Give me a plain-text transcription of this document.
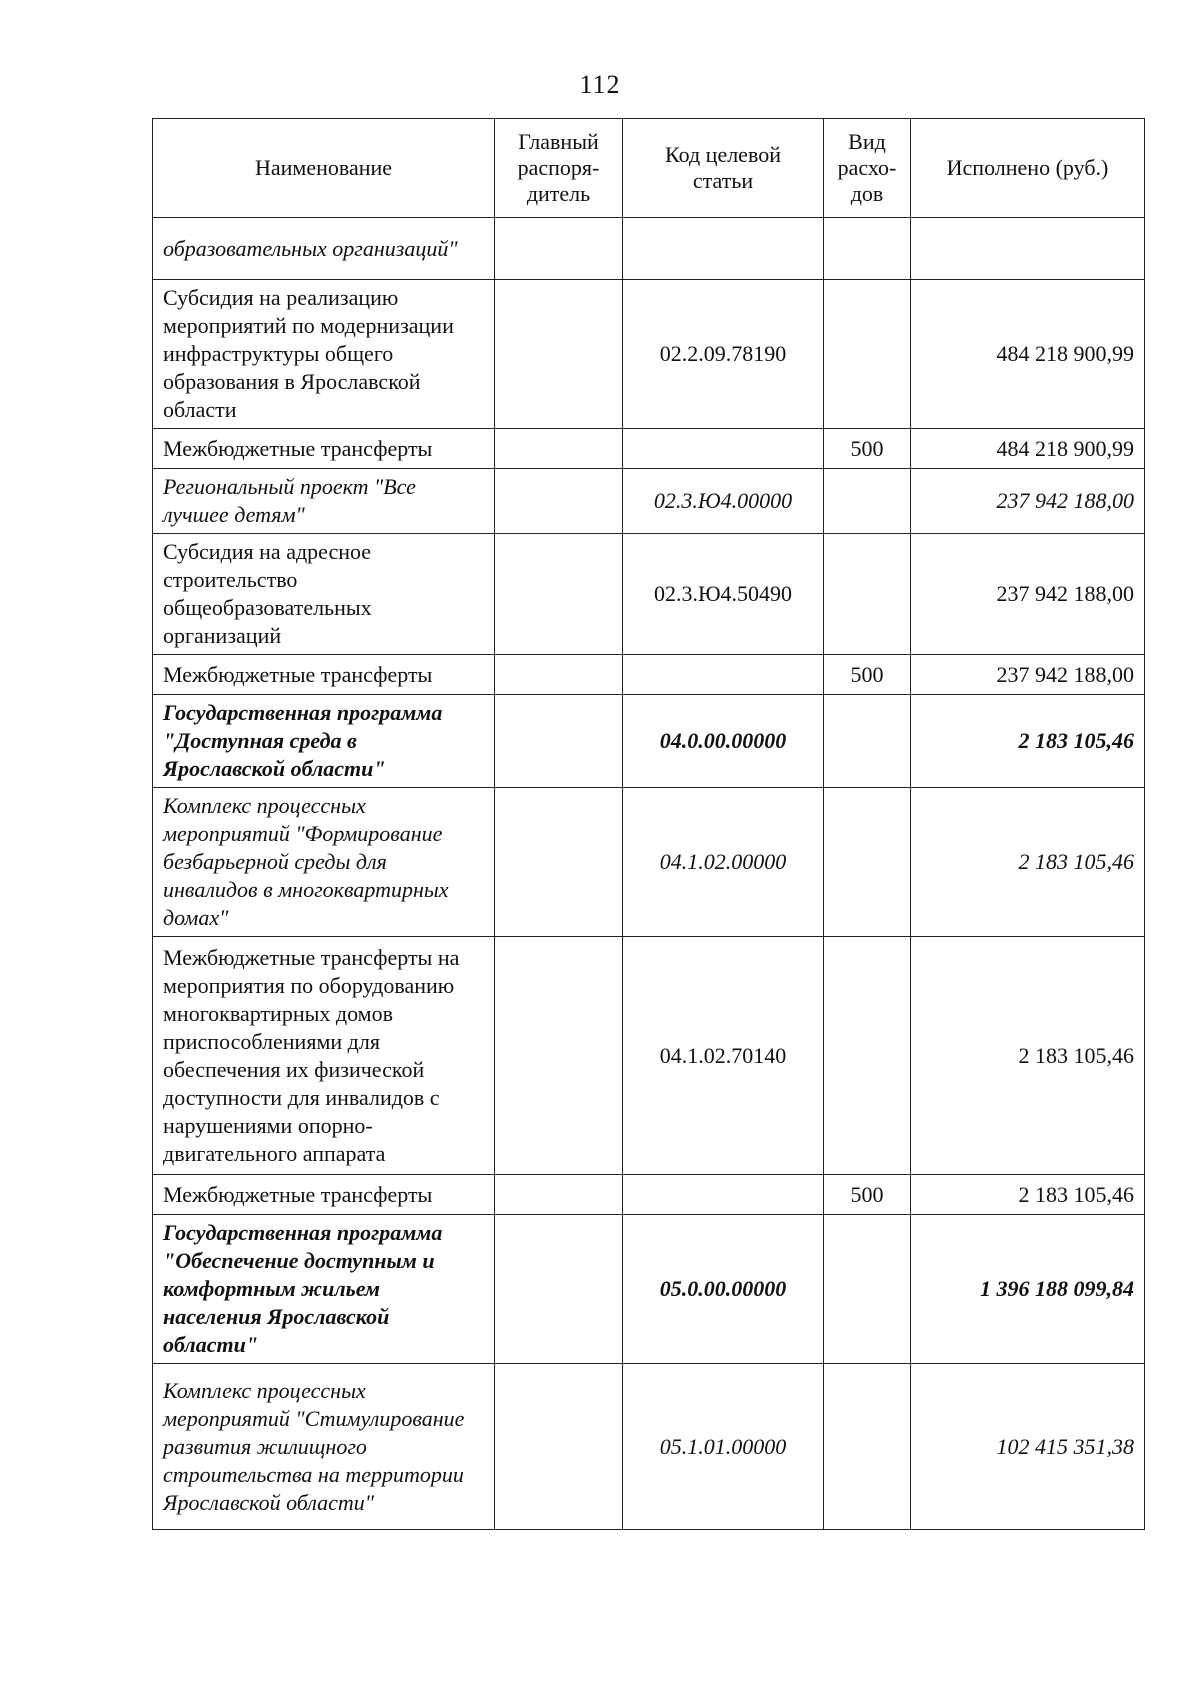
112
Наименование	Главный распоря-дитель	Код целевой статьи	Вид расхо-дов	Исполнено (руб.)
образовательных организаций"				
Субсидия на реализацию мероприятий по модернизации инфраструктуры общего образования в Ярославской области		02.2.09.78190		484 218 900,99
Межбюджетные трансферты			500	484 218 900,99
Региональный проект "Все лучшее детям"		02.3.Ю4.00000		237 942 188,00
Субсидия на адресное строительство общеобразовательных организаций		02.3.Ю4.50490		237 942 188,00
Межбюджетные трансферты			500	237 942 188,00
Государственная программа "Доступная среда в Ярославской области"		04.0.00.00000		2 183 105,46
Комплекс процессных мероприятий "Формирование безбарьерной среды для инвалидов в многоквартирных домах"		04.1.02.00000		2 183 105,46
Межбюджетные трансферты на мероприятия по оборудованию многоквартирных домов приспособлениями для обеспечения их физической доступности для инвалидов с нарушениями опорно-двигательного аппарата		04.1.02.70140		2 183 105,46
Межбюджетные трансферты			500	2 183 105,46
Государственная программа "Обеспечение доступным и комфортным жильем населения Ярославской области"		05.0.00.00000		1 396 188 099,84
Комплекс процессных мероприятий "Стимулирование развития жилищного строительства на территории Ярославской области"		05.1.01.00000		102 415 351,38
